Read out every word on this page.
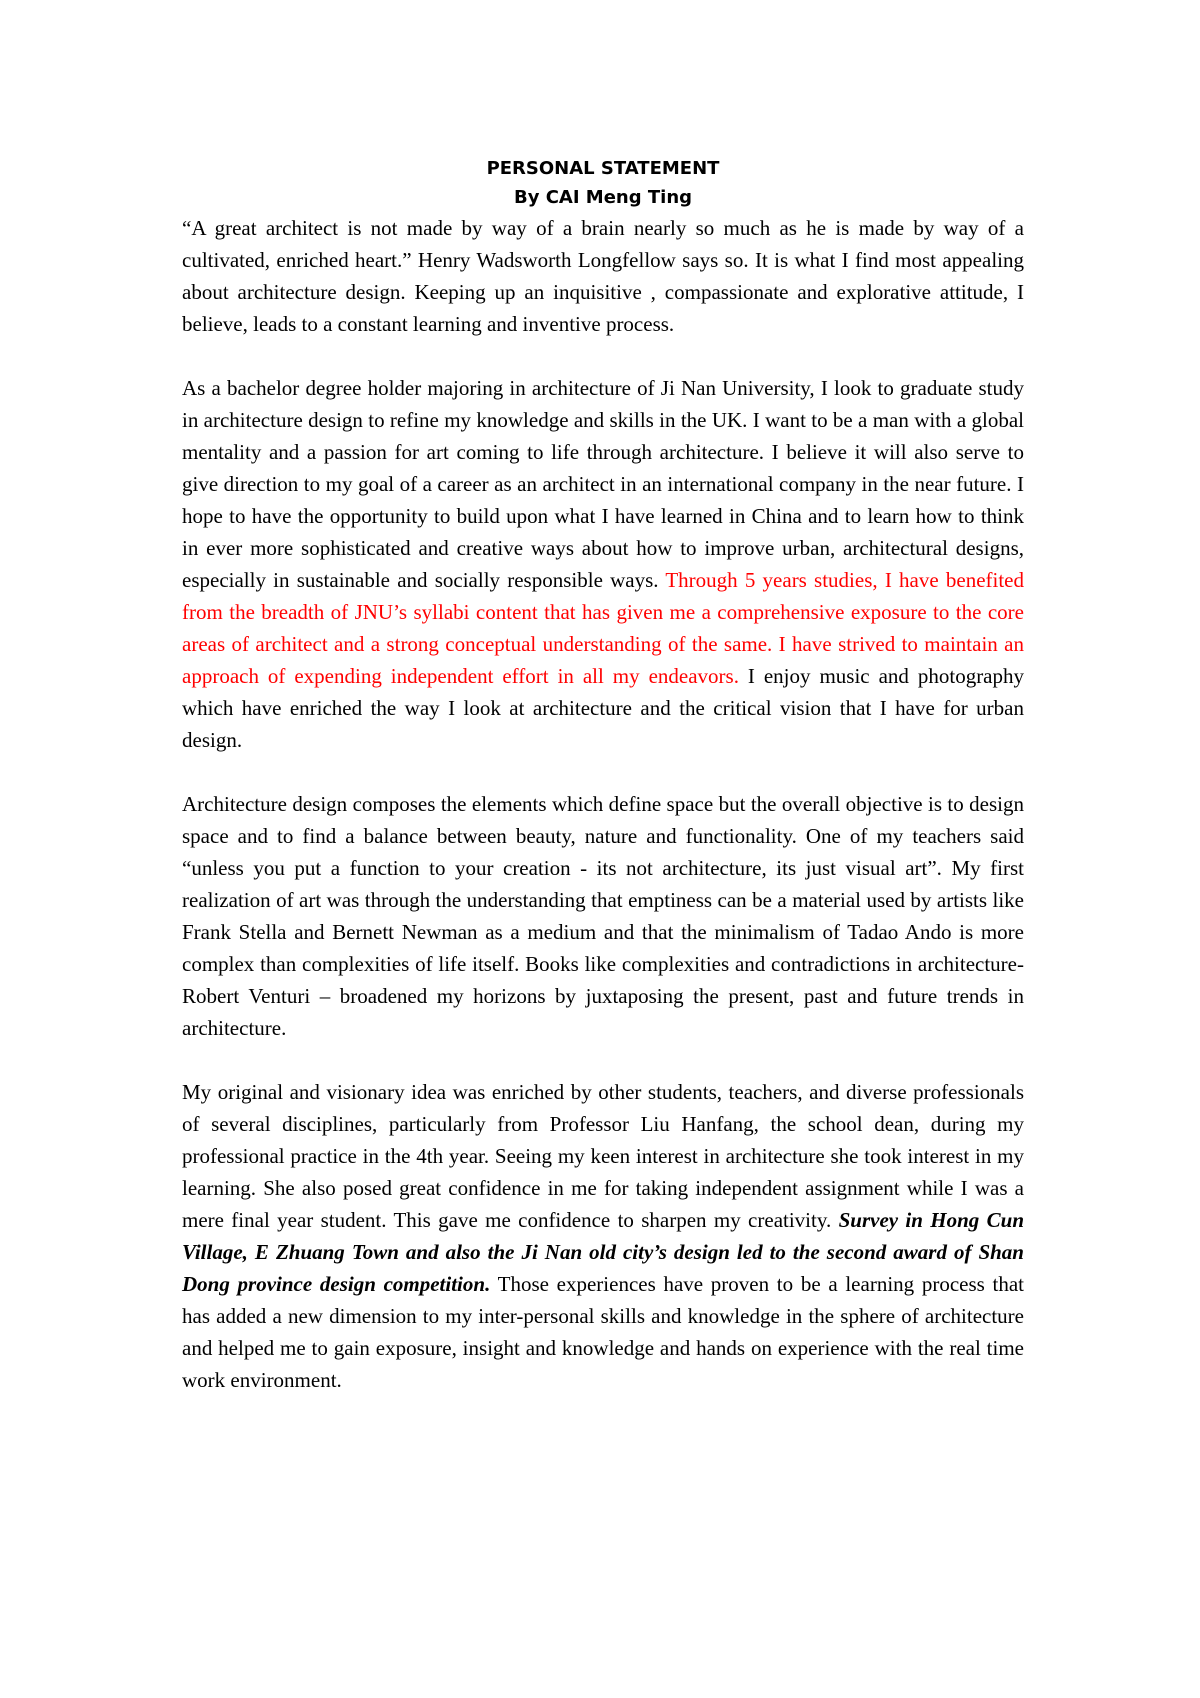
PERSONAL STATEMENT
By CAI Meng Ting

“A great architect is not made by way of a brain nearly so much as he is made by way of a cultivated, enriched heart.” Henry Wadsworth Longfellow says so. It is what I find most appealing about architecture design. Keeping up an inquisitive , compassionate and explorative attitude, I believe, leads to a constant learning and inventive process.

As a bachelor degree holder majoring in architecture of Ji Nan University, I look to graduate study in architecture design to refine my knowledge and skills in the UK. I want to be a man with a global mentality and a passion for art coming to life through architecture. I believe it will also serve to give direction to my goal of a career as an architect in an international company in the near future. I hope to have the opportunity to build upon what I have learned in China and to learn how to think in ever more sophisticated and creative ways about how to improve urban, architectural designs, especially in sustainable and socially responsible ways. Through 5 years studies, I have benefited from the breadth of JNU’s syllabi content that has given me a comprehensive exposure to the core areas of architect and a strong conceptual understanding of the same. I have strived to maintain an approach of expending independent effort in all my endeavors. I enjoy music and photography which have enriched the way I look at architecture and the critical vision that I have for urban design.

Architecture design composes the elements which define space but the overall objective is to design space and to find a balance between beauty, nature and functionality. One of my teachers said “unless you put a function to your creation - its not architecture, its just visual art”. My first realization of art was through the understanding that emptiness can be a material used by artists like Frank Stella and Bernett Newman as a medium and that the minimalism of Tadao Ando is more complex than complexities of life itself. Books like complexities and contradictions in architecture-Robert Venturi – broadened my horizons by juxtaposing the present, past and future trends in architecture.

My original and visionary idea was enriched by other students, teachers, and diverse professionals of several disciplines, particularly from Professor Liu Hanfang, the school dean, during my professional practice in the 4th year. Seeing my keen interest in architecture she took interest in my learning. She also posed great confidence in me for taking independent assignment while I was a mere final year student. This gave me confidence to sharpen my creativity. Survey in Hong Cun Village, E Zhuang Town and also the Ji Nan old city’s design led to the second award of Shan Dong province design competition. Those experiences have proven to be a learning process that has added a new dimension to my inter-personal skills and knowledge in the sphere of architecture and helped me to gain exposure, insight and knowledge and hands on experience with the real time work environment.
